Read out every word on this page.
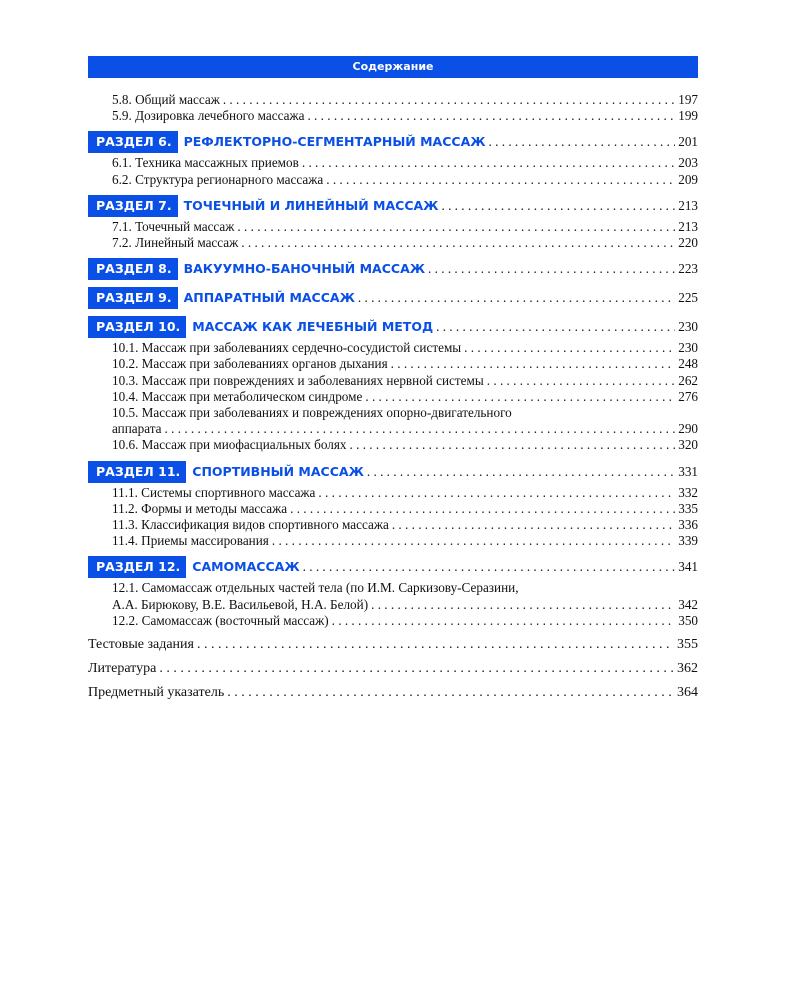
Содержание
5.8. Общий массаж . . .	197
5.9. Дозировка лечебного массажа . . .	199
РАЗДЕЛ 6. РЕФЛЕКТОРНО-СЕГМЕНТАРНЫЙ МАССАЖ . . .	201
6.1. Техника массажных приемов . . .	203
6.2. Структура регионарного массажа . . .	209
РАЗДЕЛ 7. ТОЧЕЧНЫЙ И ЛИНЕЙНЫЙ МАССАЖ . . .	213
7.1. Точечный массаж . . .	213
7.2. Линейный массаж . . .	220
РАЗДЕЛ 8. ВАКУУМНО-БАНОЧНЫЙ МАССАЖ . . .	223
РАЗДЕЛ 9. АППАРАТНЫЙ МАССАЖ . . .	225
РАЗДЕЛ 10. МАССАЖ КАК ЛЕЧЕБНЫЙ МЕТОД . . .	230
10.1. Массаж при заболеваниях сердечно-сосудистой системы . . .	230
10.2. Массаж при заболеваниях органов дыхания . . .	248
10.3. Массаж при повреждениях и заболеваниях нервной системы . . .	262
10.4. Массаж при метаболическом синдроме . . .	276
10.5. Массаж при заболеваниях и повреждениях опорно-двигательного
аппарата . . .	290
10.6. Массаж при миофасциальных болях . . .	320
РАЗДЕЛ 11. СПОРТИВНЫЙ МАССАЖ . . .	331
11.1. Системы спортивного массажа . . .	332
11.2. Формы и методы массажа . . .	335
11.3. Классификация видов спортивного массажа . . .	336
11.4. Приемы массирования . . .	339
РАЗДЕЛ 12. САМОМАССАЖ . . .	341
12.1. Самомассаж отдельных частей тела (по И.М. Саркизову-Серазини,
А.А. Бирюкову, В.Е. Васильевой, Н.А. Белой) . . .	342
12.2. Самомассаж (восточный массаж) . . .	350
Тестовые задания . . .	355
Литература . . .	362
Предметный указатель . . .	364
